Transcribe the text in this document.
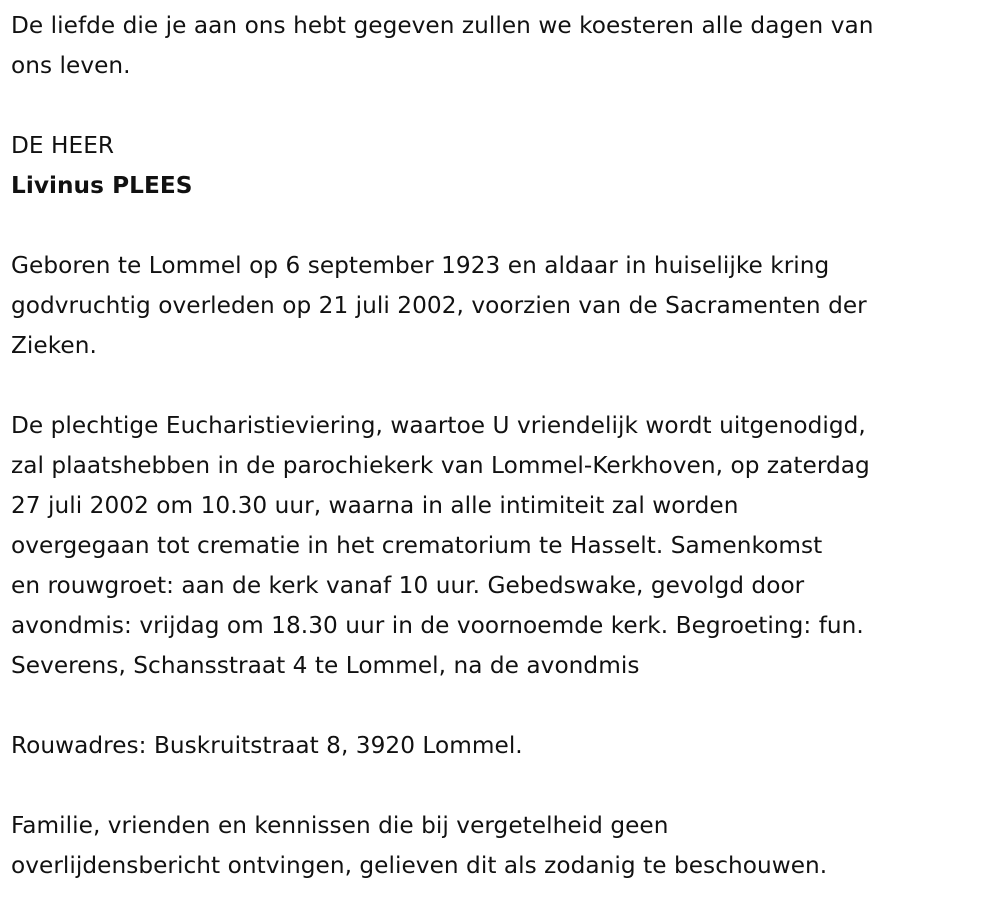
De liefde die je aan ons hebt gegeven zullen we koesteren alle dagen van
ons leven.

DE HEER

Livinus PLEES

Geboren te Lommel op 6 september 1923 en aldaar in huiselijke kring
godvruchtig overleden op 21 juli 2002, voorzien van de Sacramenten der
Zieken.

De plechtige Eucharistieviering, waartoe U vriendelijk wordt uitgenodigd,
zal plaatshebben in de parochiekerk van Lommel-Kerkhoven, op zaterdag
27 juli 2002 om 10.30 uur, waarna in alle intimiteit zal worden
overgegaan tot crematie in het crematorium te Hasselt. Samenkomst
en rouwgroet: aan de kerk vanaf 10 uur. Gebedswake, gevolgd door
avondmis: vrijdag om 18.30 uur in de voornoemde kerk. Begroeting: fun.
Severens, Schansstraat 4 te Lommel, na de avondmis

Rouwadres: Buskruitstraat 8, 3920 Lommel.

Familie, vrienden en kennissen die bij vergetelheid geen
overlijdensbericht ontvingen, gelieven dit als zodanig te beschouwen.
